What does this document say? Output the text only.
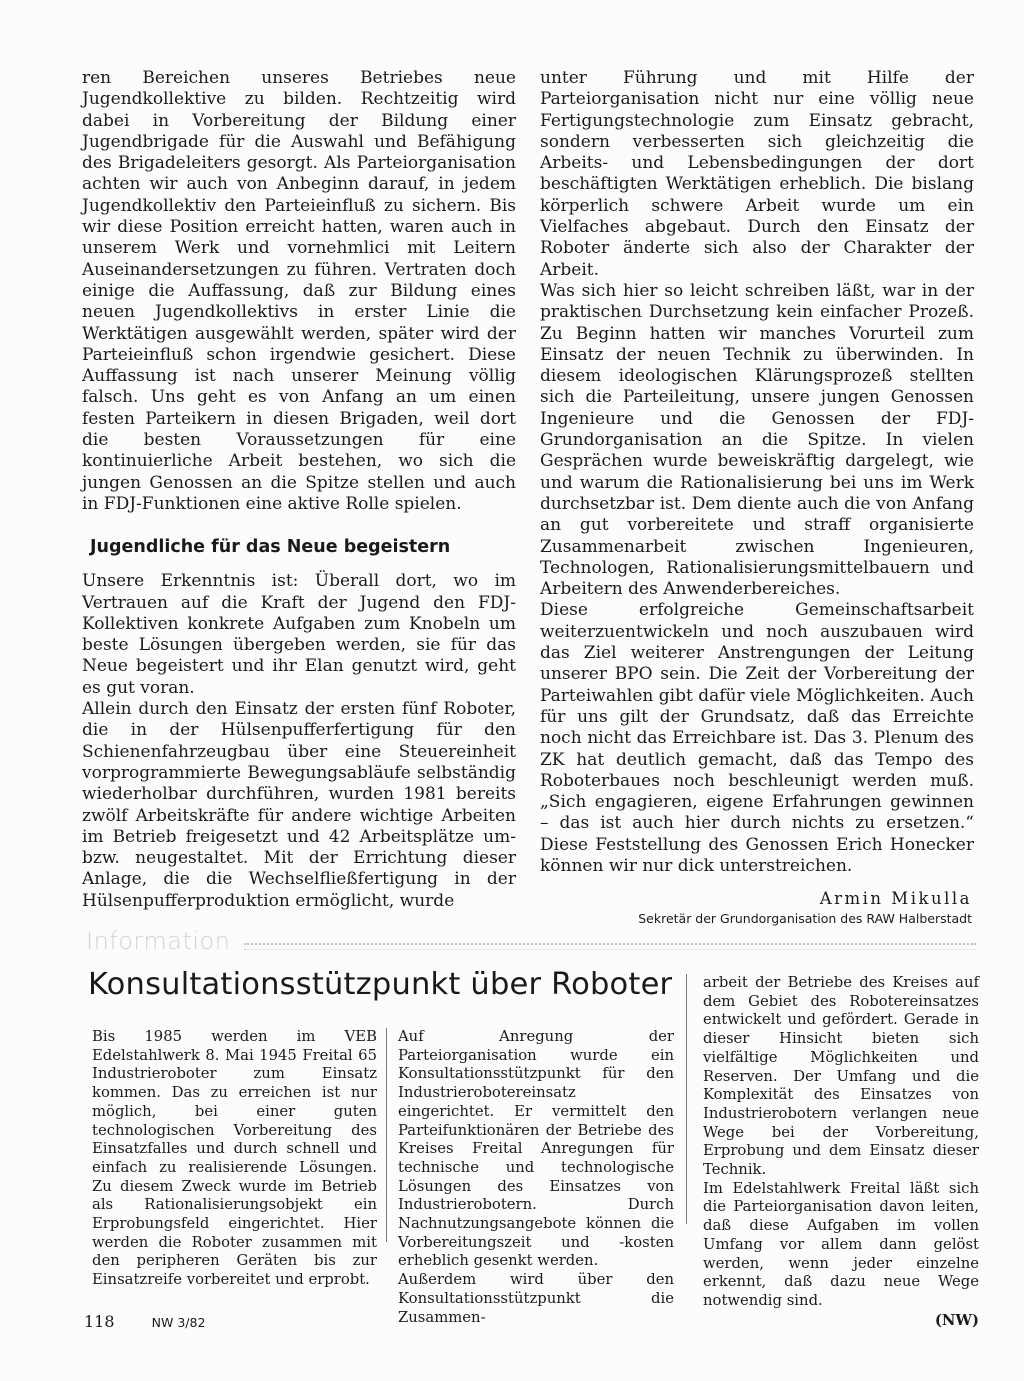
ren Bereichen unseres Betriebes neue Jugendkollektive zu bilden. Rechtzeitig wird dabei in Vorbereitung der Bildung einer Jugendbrigade für die Auswahl und Befähigung des Brigadeleiters gesorgt. Als Parteiorganisation achten wir auch von Anbeginn darauf, in jedem Jugendkollektiv den Parteieinfluß zu sichern. Bis wir diese Position erreicht hatten, waren auch in unserem Werk und vornehmlici mit Leitern Auseinandersetzungen zu führen. Vertraten doch einige die Auffassung, daß zur Bildung eines neuen Jugendkollektivs in erster Linie die Werktätigen ausgewählt werden, später wird der Parteieinfluß schon irgendwie gesichert. Diese Auffassung ist nach unserer Meinung völlig falsch. Uns geht es von Anfang an um einen festen Parteikern in diesen Brigaden, weil dort die besten Voraussetzungen für eine kontinuierliche Arbeit bestehen, wo sich die jungen Genossen an die Spitze stellen und auch in FDJ-Funktionen eine aktive Rolle spielen.

Jugendliche für das Neue begeistern

Unsere Erkenntnis ist: Überall dort, wo im Vertrauen auf die Kraft der Jugend den FDJ-Kollektiven konkrete Aufgaben zum Knobeln um beste Lösungen übergeben werden, sie für das Neue begeistert und ihr Elan genutzt wird, geht es gut voran.

Allein durch den Einsatz der ersten fünf Roboter, die in der Hülsenpufferfertigung für den Schienenfahrzeugbau über eine Steuereinheit vorprogrammierte Bewegungsabläufe selbständig wiederholbar durchführen, wurden 1981 bereits zwölf Arbeitskräfte für andere wichtige Arbeiten im Betrieb freigesetzt und 42 Arbeitsplätze um- bzw. neugestaltet. Mit der Errichtung dieser Anlage, die die Wechselfließfertigung in der Hülsenpufferproduktion ermöglicht, wurde

unter Führung und mit Hilfe der Parteiorganisation nicht nur eine völlig neue Fertigungstechnologie zum Einsatz gebracht, sondern verbesserten sich gleichzeitig die Arbeits- und Lebensbedingungen der dort beschäftigten Werktätigen erheblich. Die bislang körperlich schwere Arbeit wurde um ein Vielfaches abgebaut. Durch den Einsatz der Roboter änderte sich also der Charakter der Arbeit.

Was sich hier so leicht schreiben läßt, war in der praktischen Durchsetzung kein einfacher Prozeß. Zu Beginn hatten wir manches Vorurteil zum Einsatz der neuen Technik zu überwinden. In diesem ideologischen Klärungsprozeß stellten sich die Parteileitung, unsere jungen Genossen Ingenieure und die Genossen der FDJ-Grundorganisation an die Spitze. In vielen Gesprächen wurde beweiskräftig dargelegt, wie und warum die Rationalisierung bei uns im Werk durchsetzbar ist. Dem diente auch die von Anfang an gut vorbereitete und straff organisierte Zusammenarbeit zwischen Ingenieuren, Technologen, Rationalisierungsmittelbauern und Arbeitern des Anwenderbereiches.

Diese erfolgreiche Gemeinschaftsarbeit weiterzuentwickeln und noch auszubauen wird das Ziel weiterer Anstrengungen der Leitung unserer BPO sein. Die Zeit der Vorbereitung der Parteiwahlen gibt dafür viele Möglichkeiten. Auch für uns gilt der Grundsatz, daß das Erreichte noch nicht das Erreichbare ist. Das 3. Plenum des ZK hat deutlich gemacht, daß das Tempo des Roboterbaues noch beschleunigt werden muß. „Sich engagieren, eigene Erfahrungen gewinnen – das ist auch hier durch nichts zu ersetzen.“ Diese Feststellung des Genossen Erich Honecker können wir nur dick unterstreichen.

Armin Mikulla
Sekretär der Grundorganisation des RAW Halberstadt
Information
Konsultationsstützpunkt über Roboter

Bis 1985 werden im VEB Edelstahlwerk 8. Mai 1945 Freital 65 Industrieroboter zum Einsatz kommen. Das zu erreichen ist nur möglich, bei einer guten technologischen Vorbereitung des Einsatzfalles und durch schnell und einfach zu realisierende Lösungen. Zu diesem Zweck wurde im Betrieb als Rationalisierungsobjekt ein Erprobungsfeld eingerichtet. Hier werden die Roboter zusammen mit den peripheren Geräten bis zur Einsatzreife vorbereitet und erprobt.

Auf Anregung der Parteiorganisation wurde ein Konsultationsstützpunkt für den Industrierobotereinsatz eingerichtet. Er vermittelt den Parteifunktionären der Betriebe des Kreises Freital Anregungen für technische und technologische Lösungen des Einsatzes von Industrierobotern. Durch Nachnutzungsangebote können die Vorbereitungszeit und -kosten erheblich gesenkt werden.

Außerdem wird über den Konsultationsstützpunkt die Zusammen-

arbeit der Betriebe des Kreises auf dem Gebiet des Robotereinsatzes entwickelt und gefördert. Gerade in dieser Hinsicht bieten sich vielfältige Möglichkeiten und Reserven. Der Umfang und die Komplexität des Einsatzes von Industrierobotern verlangen neue Wege bei der Vorbereitung, Erprobung und dem Einsatz dieser Technik.

Im Edelstahlwerk Freital läßt sich die Parteiorganisation davon leiten, daß diese Aufgaben im vollen Umfang vor allem dann gelöst werden, wenn jeder einzelne erkennt, daß dazu neue Wege notwendig sind.

(NW)
118	NW 3/82
